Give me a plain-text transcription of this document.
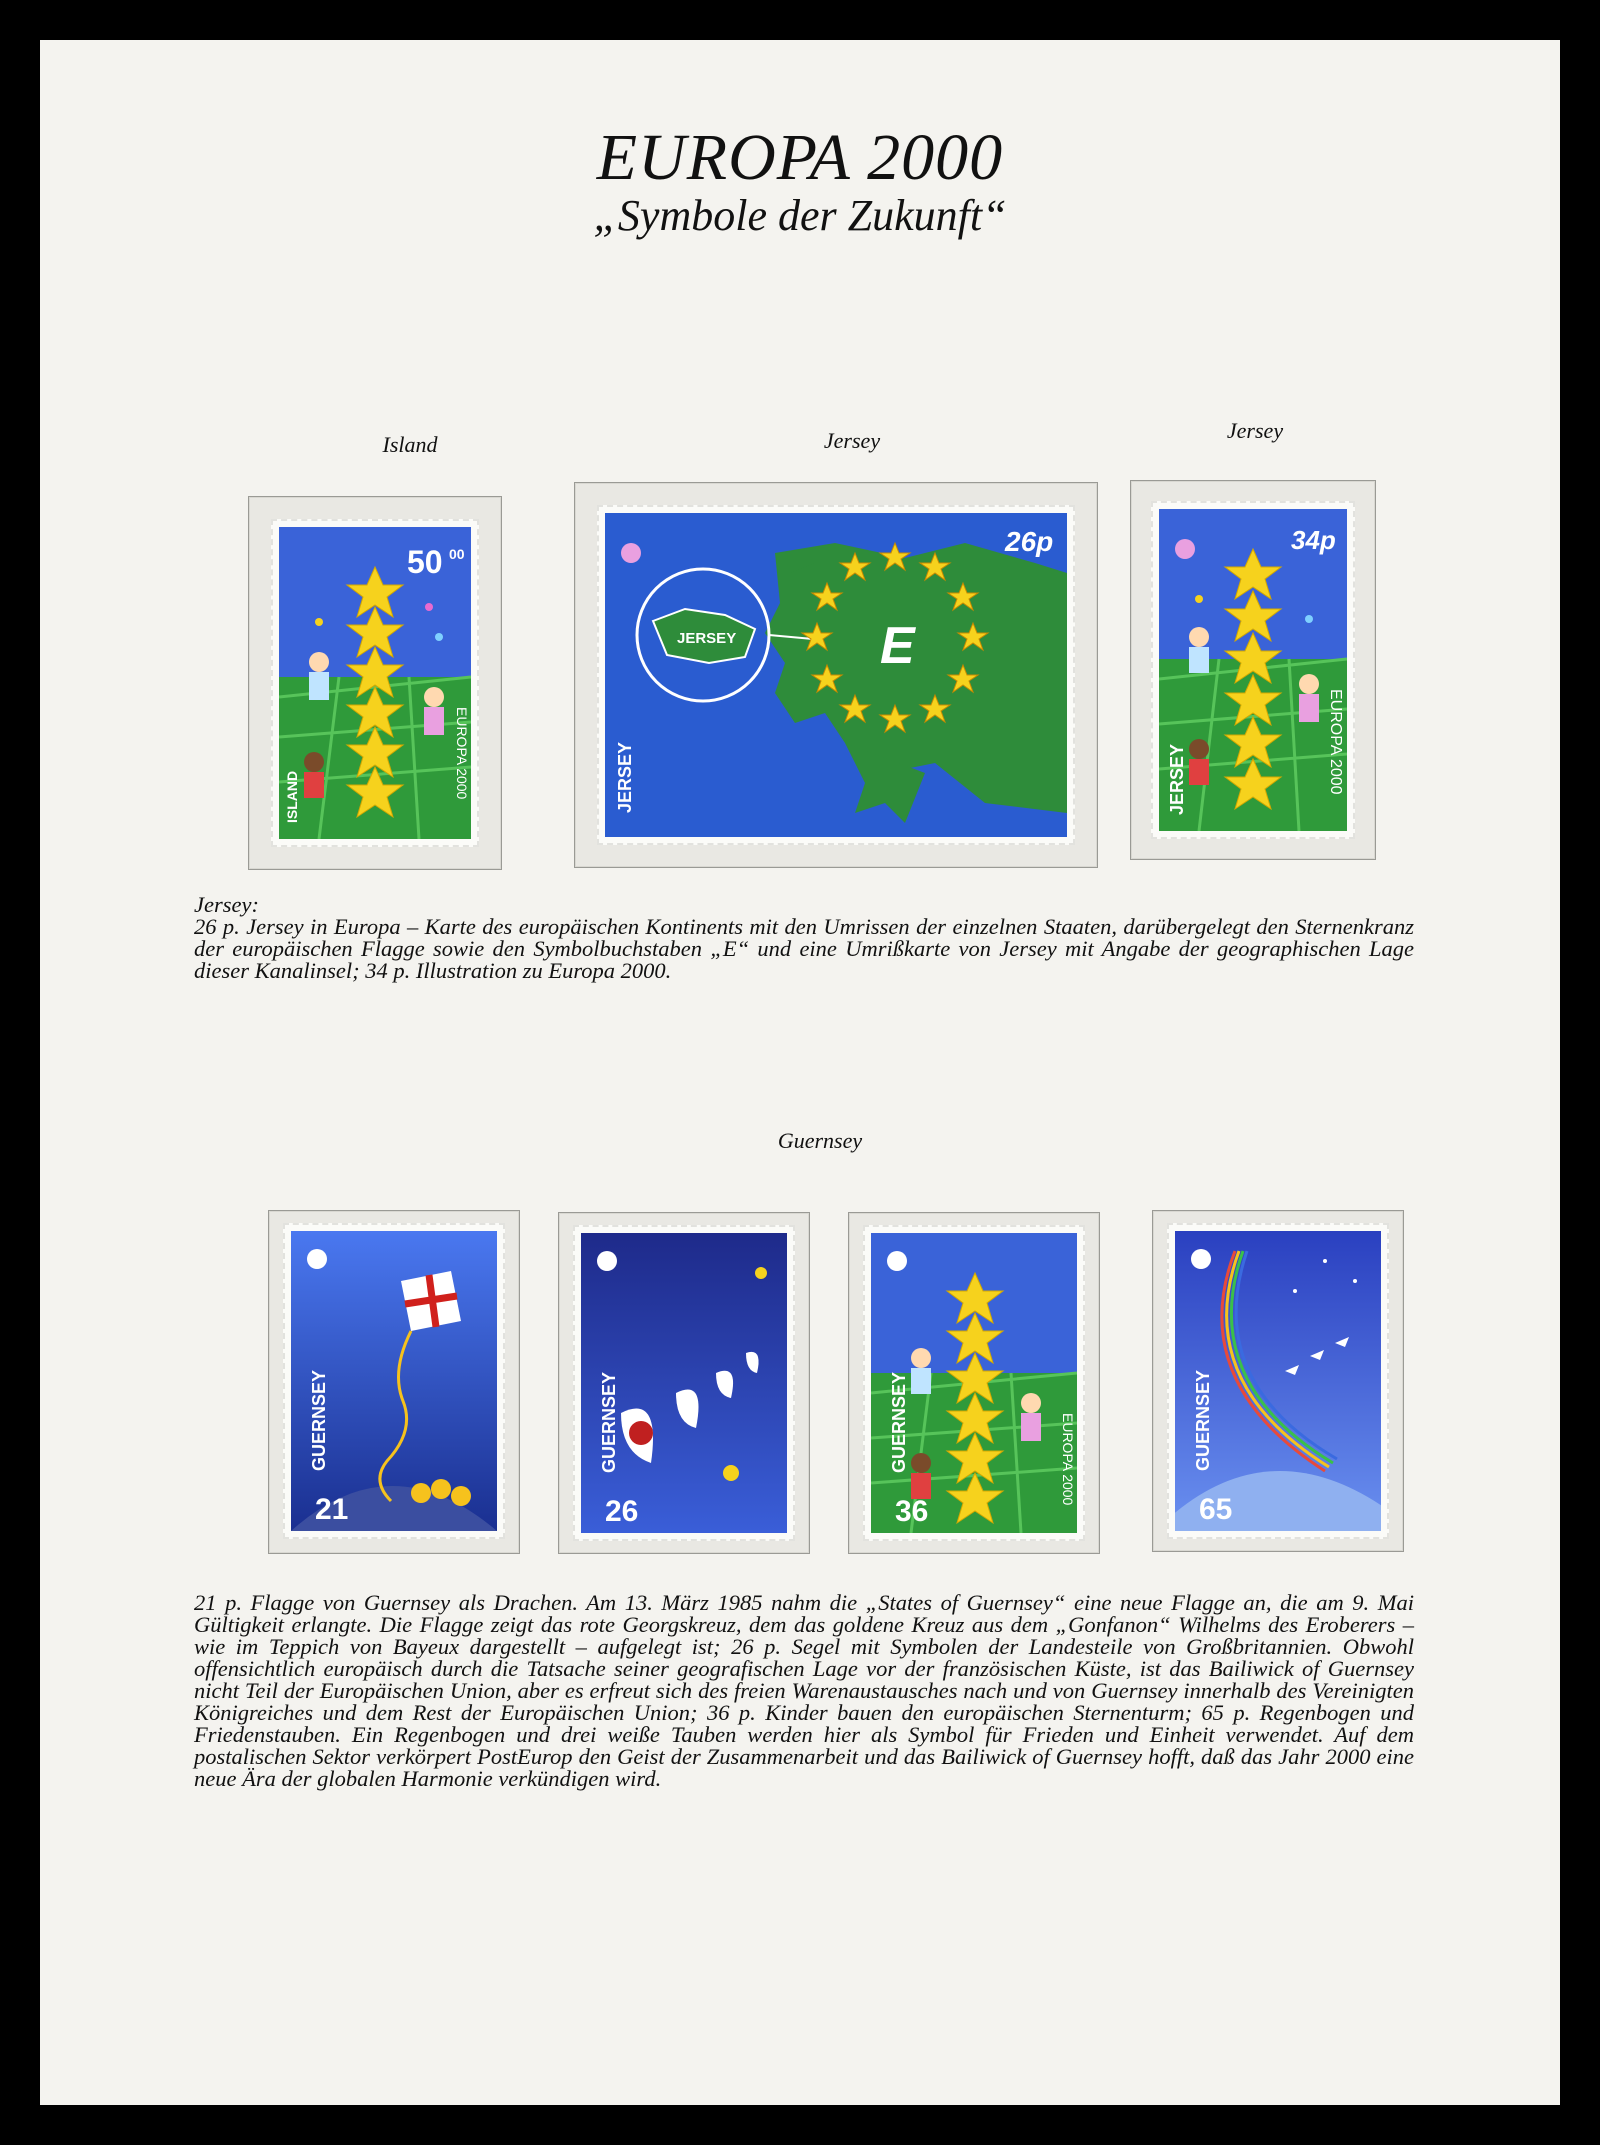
EUROPA 2000
„Symbole der Zukunft“
Island	Jersey	Jersey
50 00
EUROPA 2000
ISLAND
JERSEY	E
26p
JERSEY
34p
EUROPA 2000
JERSEY
Jersey:
26 p. Jersey in Europa – Karte des europäischen Kontinents mit den Umrissen der einzelnen Staaten, darübergelegt den Sternenkranz der europäischen Flagge sowie den Symbolbuchstaben „E“ und eine Umrißkarte von Jersey mit Angabe der geographischen Lage dieser Kanalinsel; 34 p. Illustration zu Europa 2000.
Guernsey
21
GUERNSEY
26
GUERNSEY
36
GUERNSEY	EUROPA 2000
65
GUERNSEY
21 p. Flagge von Guernsey als Drachen. Am 13. März 1985 nahm die „States of Guernsey“ eine neue Flagge an, die am 9. Mai Gültigkeit erlangte. Die Flagge zeigt das rote Georgskreuz, dem das goldene Kreuz aus dem „Gonfanon“ Wilhelms des Eroberers – wie im Teppich von Bayeux dargestellt – aufgelegt ist; 26 p. Segel mit Symbolen der Landesteile von Großbritannien. Obwohl offensichtlich europäisch durch die Tatsache seiner geografischen Lage vor der französischen Küste, ist das Bailiwick of Guernsey nicht Teil der Europäischen Union, aber es erfreut sich des freien Warenaustausches nach und von Guernsey innerhalb des Vereinigten Königreiches und dem Rest der Europäischen Union; 36 p. Kinder bauen den europäischen Sternenturm; 65 p. Regenbogen und Friedenstauben. Ein Regenbogen und drei weiße Tauben werden hier als Symbol für Frieden und Einheit verwendet. Auf dem postalischen Sektor verkörpert PostEurop den Geist der Zusammenarbeit und das Bailiwick of Guernsey hofft, daß das Jahr 2000 eine neue Ära der globalen Harmonie verkündigen wird.
